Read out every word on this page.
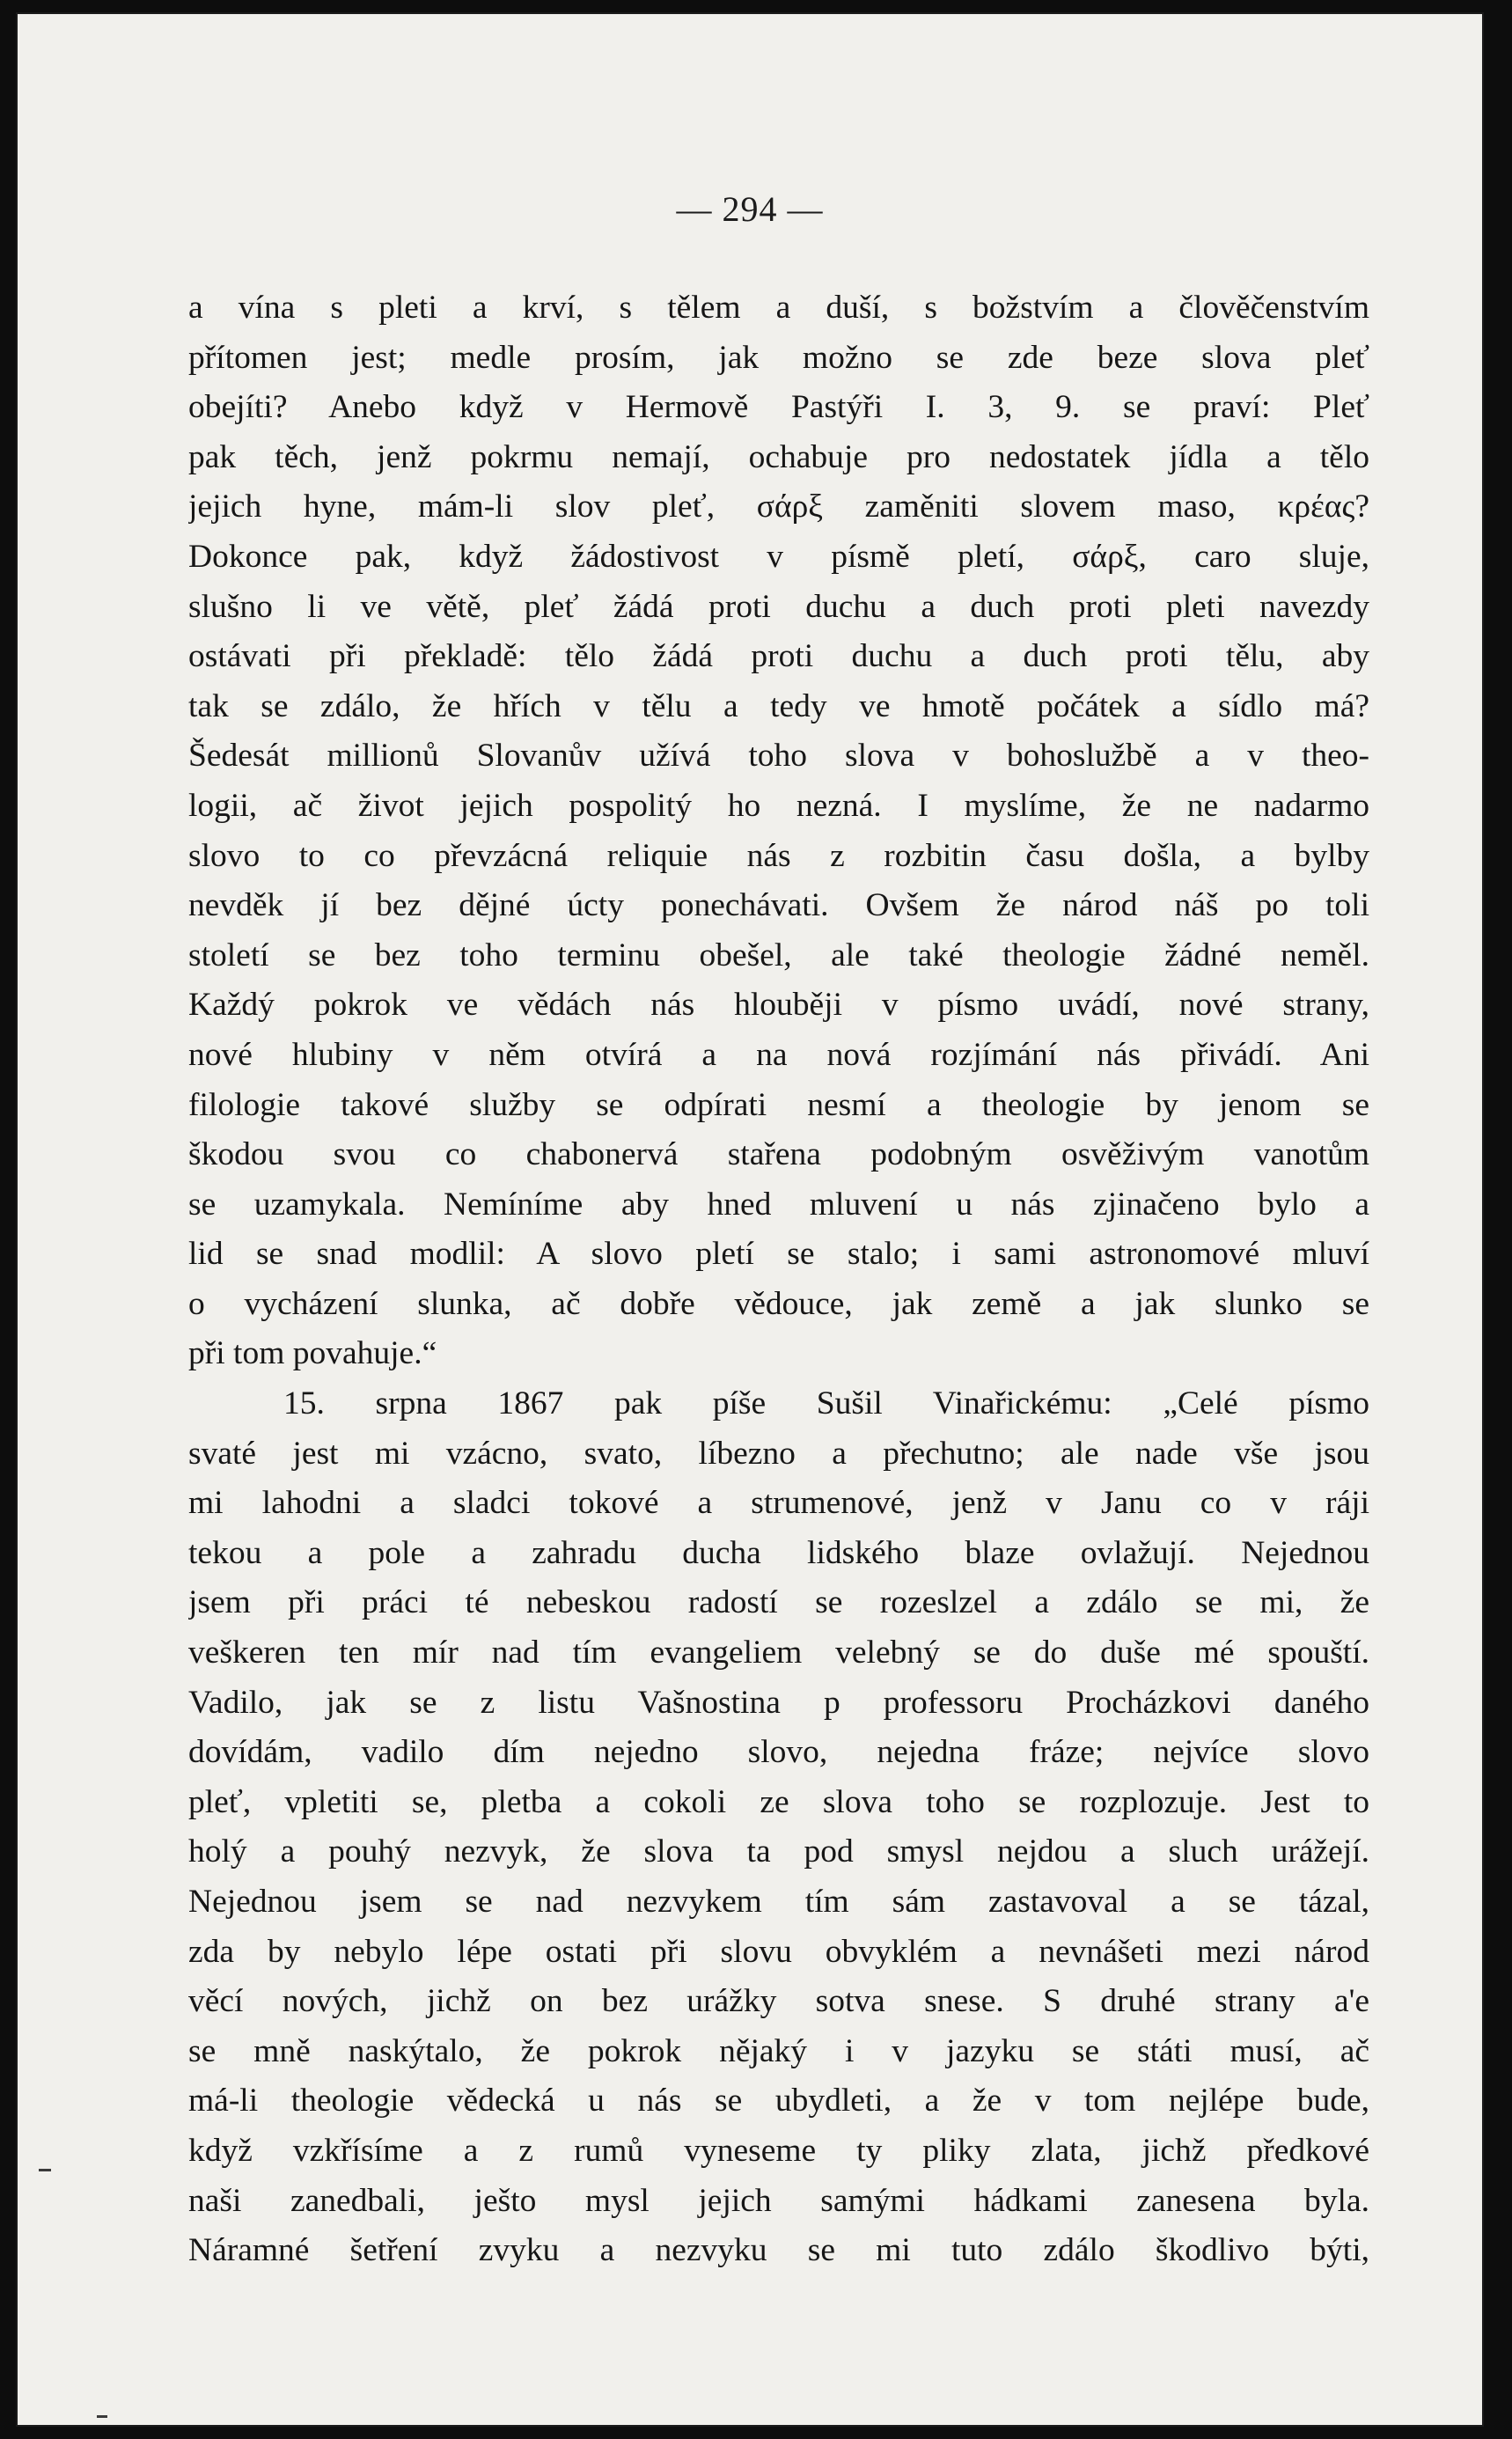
— 294 —
a vína s pleti a krví, s tělem a duší, s božstvím a člověčenstvím
přítomen jest; medle prosím, jak možno se zde beze slova pleť
obejíti? Anebo když v Hermově Pastýři I. 3, 9. se praví: Pleť
pak těch, jenž pokrmu nemají, ochabuje pro nedostatek jídla a tělo
jejich hyne, mám-li slov pleť, σάρξ zaměniti slovem maso, κρέας?
Dokonce pak, když žádostivost v písmě pletí, σάρξ, caro sluje,
slušno li ve větě, pleť žádá proti duchu a duch proti pleti navezdy
ostávati při překladě: tělo žádá proti duchu a duch proti tělu, aby
tak se zdálo, že hřích v tělu a tedy ve hmotě počátek a sídlo má?
Šedesát millionů Slovanův užívá toho slova v bohoslužbě a v theo-
logii, ač život jejich pospolitý ho nezná. I myslíme, že ne nadarmo
slovo to co převzácná reliquie nás z rozbitin času došla, a bylby
nevděk jí bez dějné úcty ponechávati. Ovšem že národ náš po toli
století se bez toho terminu obešel, ale také theologie žádné neměl.
Každý pokrok ve vědách nás hlouběji v písmo uvádí, nové strany,
nové hlubiny v něm otvírá a na nová rozjímání nás přivádí. Ani
filologie takové služby se odpírati nesmí a theologie by jenom se
škodou svou co chabonervá stařena podobným osvěživým vanotům
se uzamykala. Nemíníme aby hned mluvení u nás zjinačeno bylo a
lid se snad modlil: A slovo pletí se stalo; i sami astronomové mluví
o vycházení slunka, ač dobře vědouce, jak země a jak slunko se
při tom povahuje.“
15. srpna 1867 pak píše Sušil Vinařickému: „Celé písmo
svaté jest mi vzácno, svato, líbezno a přechutno; ale nade vše jsou
mi lahodni a sladci tokové a strumenové, jenž v Janu co v ráji
tekou a pole a zahradu ducha lidského blaze ovlažují. Nejednou
jsem při práci té nebeskou radostí se rozeslzel a zdálo se mi, že
veškeren ten mír nad tím evangeliem velebný se do duše mé spouští.
Vadilo, jak se z listu Vašnostina p professoru Procházkovi daného
dovídám, vadilo dím nejedno slovo, nejedna fráze; nejvíce slovo
pleť, vpletiti se, pletba a cokoli ze slova toho se rozplozuje. Jest to
holý a pouhý nezvyk, že slova ta pod smysl nejdou a sluch urážejí.
Nejednou jsem se nad nezvykem tím sám zastavoval a se tázal,
zda by nebylo lépe ostati při slovu obvyklém a nevnášeti mezi národ
věcí nových, jichž on bez urážky sotva snese. S druhé strany a'e
se mně naskýtalo, že pokrok nějaký i v jazyku se státi musí, ač
má-li theologie vědecká u nás se ubydleti, a že v tom nejlépe bude,
když vzkřísíme a z rumů vyneseme ty pliky zlata, jichž předkové
naši zanedbali, ješto mysl jejich samými hádkami zanesena byla.
Náramné šetření zvyku a nezvyku se mi tuto zdálo škodlivo býti,
